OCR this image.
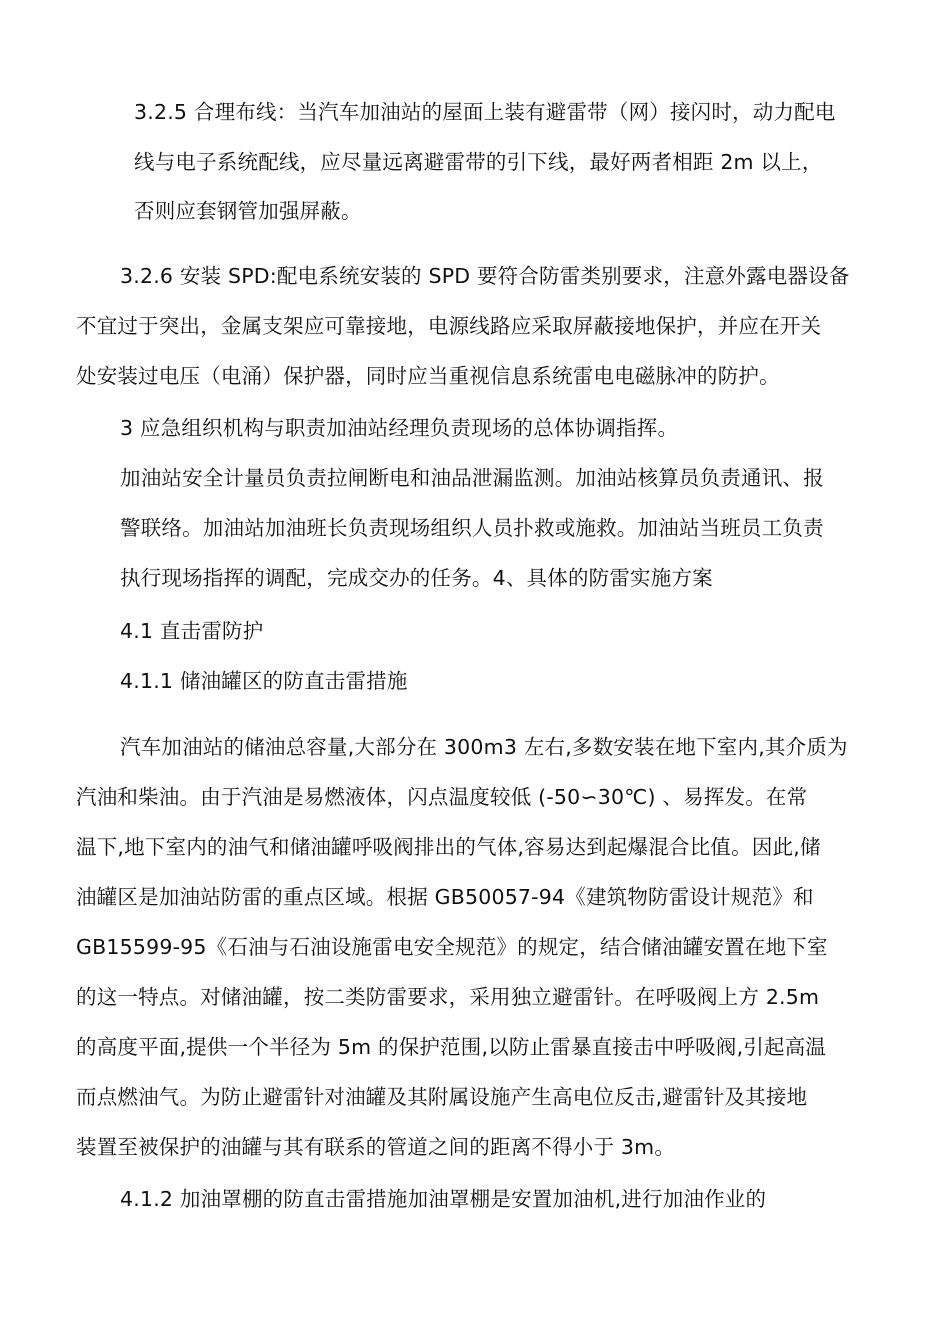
3.2.5 合理布线：当汽车加油站的屋面上装有避雷带（网）接闪时，动力配电
线与电子系统配线，应尽量远离避雷带的引下线，最好两者相距 2m 以上，
否则应套钢管加强屏蔽。
3.2.6 安装 SPD:配电系统安装的 SPD 要符合防雷类别要求，注意外露电器设备
不宜过于突出，金属支架应可靠接地，电源线路应采取屏蔽接地保护，并应在开关
处安装过电压（电涌）保护器，同时应当重视信息系统雷电电磁脉冲的防护。
3 应急组织机构与职责加油站经理负责现场的总体协调指挥。
加油站安全计量员负责拉闸断电和油品泄漏监测。加油站核算员负责通讯、报
警联络。加油站加油班长负责现场组织人员扑救或施救。加油站当班员工负责
执行现场指挥的调配，完成交办的任务。4、具体的防雷实施方案
4.1 直击雷防护
4.1.1 储油罐区的防直击雷措施
汽车加油站的储油总容量,大部分在 300m3 左右,多数安装在地下室内,其介质为
汽油和柴油。由于汽油是易燃液体，闪点温度较低 (-50∽30℃) 、易挥发。在常
温下,地下室内的油气和储油罐呼吸阀排出的气体,容易达到起爆混合比值。因此,储
油罐区是加油站防雷的重点区域。根据 GB50057-94《建筑物防雷设计规范》和
GB15599-95《石油与石油设施雷电安全规范》的规定，结合储油罐安置在地下室
的这一特点。对储油罐，按二类防雷要求，采用独立避雷针。在呼吸阀上方 2.5m
的高度平面,提供一个半径为 5m 的保护范围,以防止雷暴直接击中呼吸阀,引起高温
而点燃油气。为防止避雷针对油罐及其附属设施产生高电位反击,避雷针及其接地
装置至被保护的油罐与其有联系的管道之间的距离不得小于 3m。
4.1.2 加油罩棚的防直击雷措施加油罩棚是安置加油机,进行加油作业的
